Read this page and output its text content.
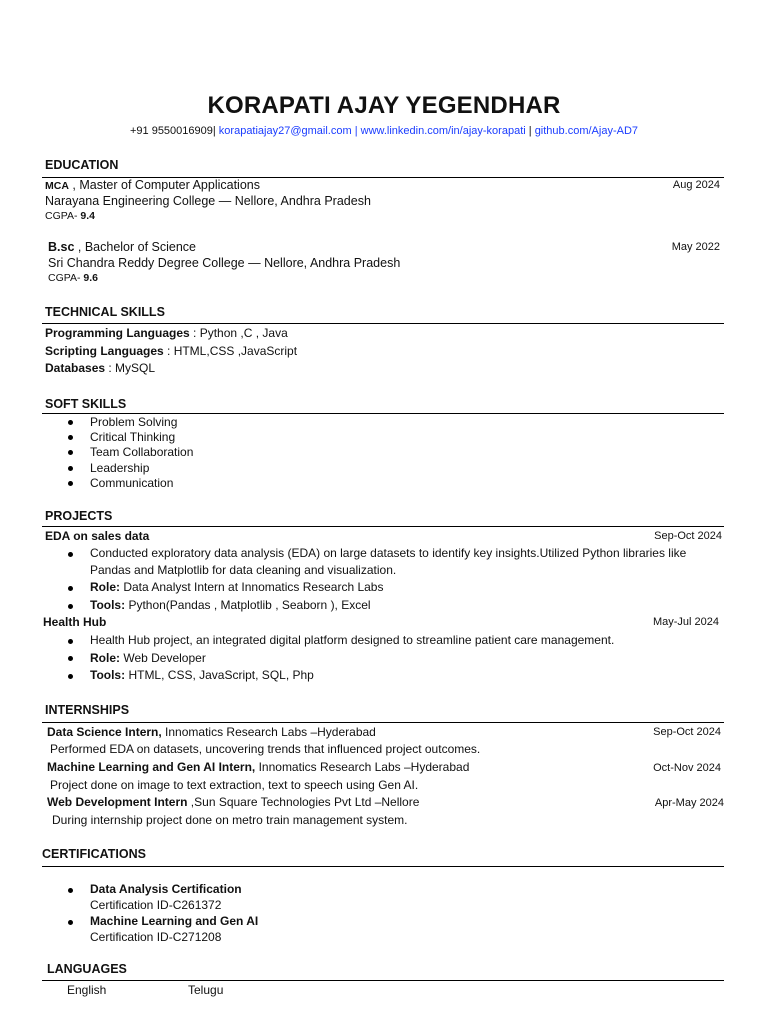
KORAPATI AJAY YEGENDHAR
+91 9550016909| korapatiajay27@gmail.com | www.linkedin.com/in/ajay-korapati | github.com/Ajay-AD7
EDUCATION
MCA , Master of Computer Applications	Aug 2024
Narayana Engineering College — Nellore, Andhra Pradesh
CGPA- 9.4
B.sc , Bachelor of Science	May 2022
Sri Chandra Reddy Degree College — Nellore, Andhra Pradesh
CGPA- 9.6
TECHNICAL SKILLS
Programming Languages : Python ,C , Java
Scripting Languages : HTML,CSS ,JavaScript
Databases : MySQL
SOFT SKILLS
Problem Solving
Critical Thinking
Team Collaboration
Leadership
Communication
PROJECTS
EDA on sales data	Sep-Oct 2024
Conducted exploratory data analysis (EDA) on large datasets to identify key insights.Utilized Python libraries like
Pandas and Matplotlib for data cleaning and visualization.
Role: Data Analyst Intern at Innomatics Research Labs
Tools: Python(Pandas , Matplotlib , Seaborn ), Excel
Health Hub	May-Jul 2024
Health Hub project, an integrated digital platform designed to streamline patient care management.
Role: Web Developer
Tools: HTML, CSS, JavaScript, SQL, Php
INTERNSHIPS
Data Science Intern, Innomatics Research Labs –Hyderabad	Sep-Oct 2024
Performed EDA on datasets, uncovering trends that influenced project outcomes.
Machine Learning and Gen AI Intern, Innomatics Research Labs –Hyderabad	Oct-Nov 2024
Project done on image to text extraction, text to speech using Gen AI.
Web Development Intern ,Sun Square Technologies Pvt Ltd –Nellore	Apr-May 2024
During internship project done on metro train management system.
CERTIFICATIONS
Data Analysis Certification
Certification ID-C261372
Machine Learning and Gen AI
Certification ID-C271208
LANGUAGES
English	Telugu
